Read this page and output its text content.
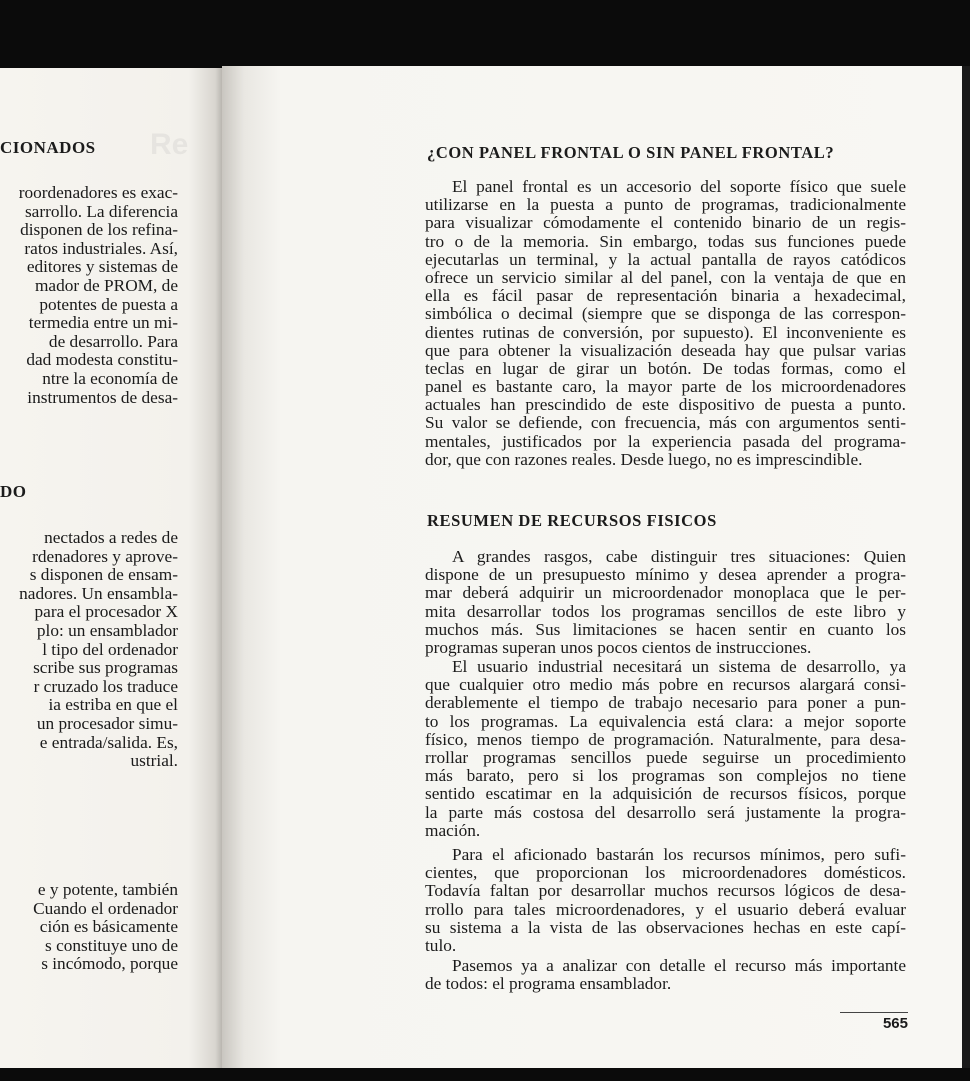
Re
CIONADOS
roordenadores es exac-
sarrollo. La diferencia
disponen de los refina-
ratos industriales. Así,
editores y sistemas de
mador de PROM, de
potentes de puesta a
termedia entre un mi-
de desarrollo. Para
dad modesta constitu-
ntre la economía de
instrumentos de desa-
DO
nectados a redes de
rdenadores y aprove-
s disponen de ensam-
nadores. Un ensambla-
para el procesador X
plo: un ensamblador
l tipo del ordenador
scribe sus programas
r cruzado los traduce
ia estriba en que el
un procesador simu-
e entrada/salida. Es,
ustrial.
e y potente, también
Cuando el ordenador
ción es básicamente
s constituye uno de
s incómodo, porque
¿CON PANEL FRONTAL O SIN PANEL FRONTAL?
El panel frontal es un accesorio del soporte físico que suele
utilizarse en la puesta a punto de programas, tradicionalmente
para visualizar cómodamente el contenido binario de un regis-
tro o de la memoria. Sin embargo, todas sus funciones puede
ejecutarlas un terminal, y la actual pantalla de rayos catódicos
ofrece un servicio similar al del panel, con la ventaja de que en
ella es fácil pasar de representación binaria a hexadecimal,
simbólica o decimal (siempre que se disponga de las correspon-
dientes rutinas de conversión, por supuesto). El inconveniente es
que para obtener la visualización deseada hay que pulsar varias
teclas en lugar de girar un botón. De todas formas, como el
panel es bastante caro, la mayor parte de los microordenadores
actuales han prescindido de este dispositivo de puesta a punto.
Su valor se defiende, con frecuencia, más con argumentos senti-
mentales, justificados por la experiencia pasada del programa-
dor, que con razones reales. Desde luego, no es imprescindible.
RESUMEN DE RECURSOS FISICOS
A grandes rasgos, cabe distinguir tres situaciones: Quien
dispone de un presupuesto mínimo y desea aprender a progra-
mar deberá adquirir un microordenador monoplaca que le per-
mita desarrollar todos los programas sencillos de este libro y
muchos más. Sus limitaciones se hacen sentir en cuanto los
programas superan unos pocos cientos de instrucciones.
El usuario industrial necesitará un sistema de desarrollo, ya
que cualquier otro medio más pobre en recursos alargará consi-
derablemente el tiempo de trabajo necesario para poner a pun-
to los programas. La equivalencia está clara: a mejor soporte
físico, menos tiempo de programación. Naturalmente, para desa-
rrollar programas sencillos puede seguirse un procedimiento
más barato, pero si los programas son complejos no tiene
sentido escatimar en la adquisición de recursos físicos, porque
la parte más costosa del desarrollo será justamente la progra-
mación.
Para el aficionado bastarán los recursos mínimos, pero sufi-
cientes, que proporcionan los microordenadores domésticos.
Todavía faltan por desarrollar muchos recursos lógicos de desa-
rrollo para tales microordenadores, y el usuario deberá evaluar
su sistema a la vista de las observaciones hechas en este capí-
tulo.
Pasemos ya a analizar con detalle el recurso más importante
de todos: el programa ensamblador.
565
